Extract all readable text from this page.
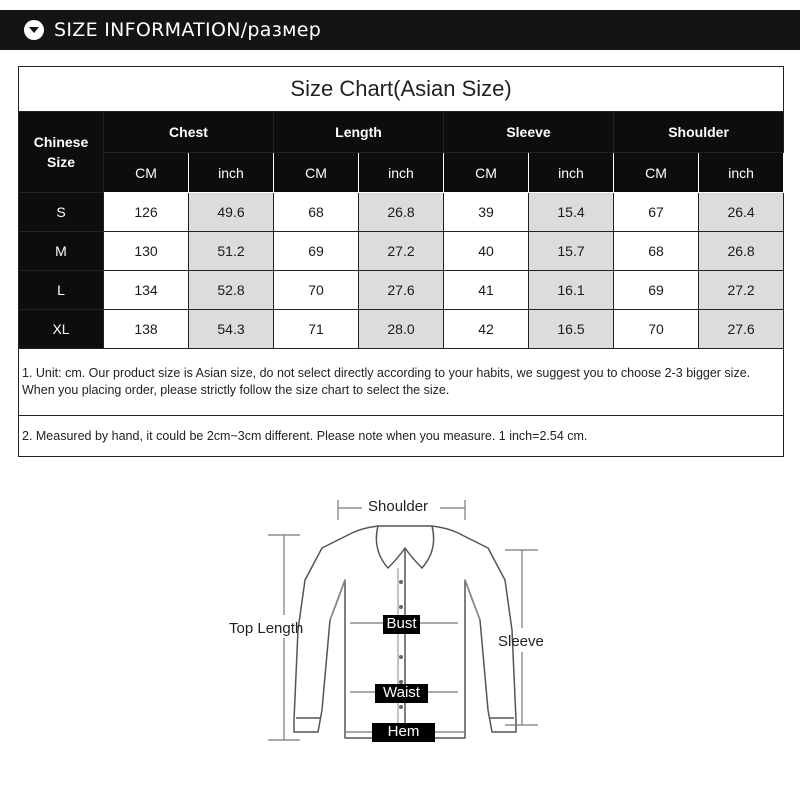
SIZE INFORMATION/размер
Size Chart(Asian Size)								

Chinese Size	Chest		Length		Sleeve		Shoulder	
	CM	inch	CM	inch	CM	inch	CM	inch
S	126	49.6	68	26.8	39	15.4	67	26.4
M	130	51.2	69	27.2	40	15.7	68	26.8
L	134	52.8	70	27.6	41	16.1	69	27.2
XL	138	54.3	71	28.0	42	16.5	70	27.6
1. Unit: cm. Our product size is Asian size, do not select directly according to your habits, we suggest you to choose 2-3 bigger size. When you placing order, please strictly follow the size chart to select the size.								
2. Measured by hand, it could be 2cm~3cm different. Please note when you measure. 1 inch=2.54 cm.								
Shoulder
Top Length
Sleeve
Bust
Waist
Hem
